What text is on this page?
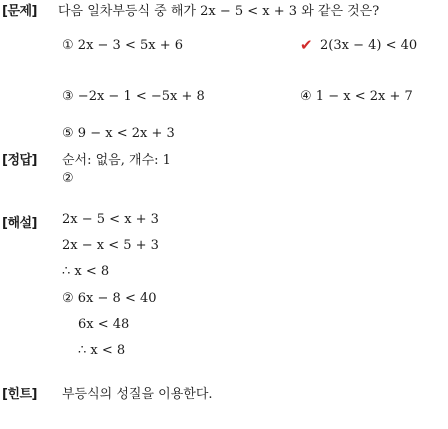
[문제] 다음 일차부등식 중 해가 2x − 5 < x + 3 와 같은 것은?
① 2x − 3 < 5x + 6	✔ 2(3x − 4) < 40
③ −2x − 1 < −5x + 8	④ 1 − x < 2x + 7
⑤ 9 − x < 2x + 3
[정답] 순서: 없음, 개수: 1
②
[해설] 2x − 5 < x + 3
2x − x < 5 + 3
∴ x < 8
② 6x − 8 < 40
6x < 48
∴ x < 8
[힌트] 부등식의 성질을 이용한다.
